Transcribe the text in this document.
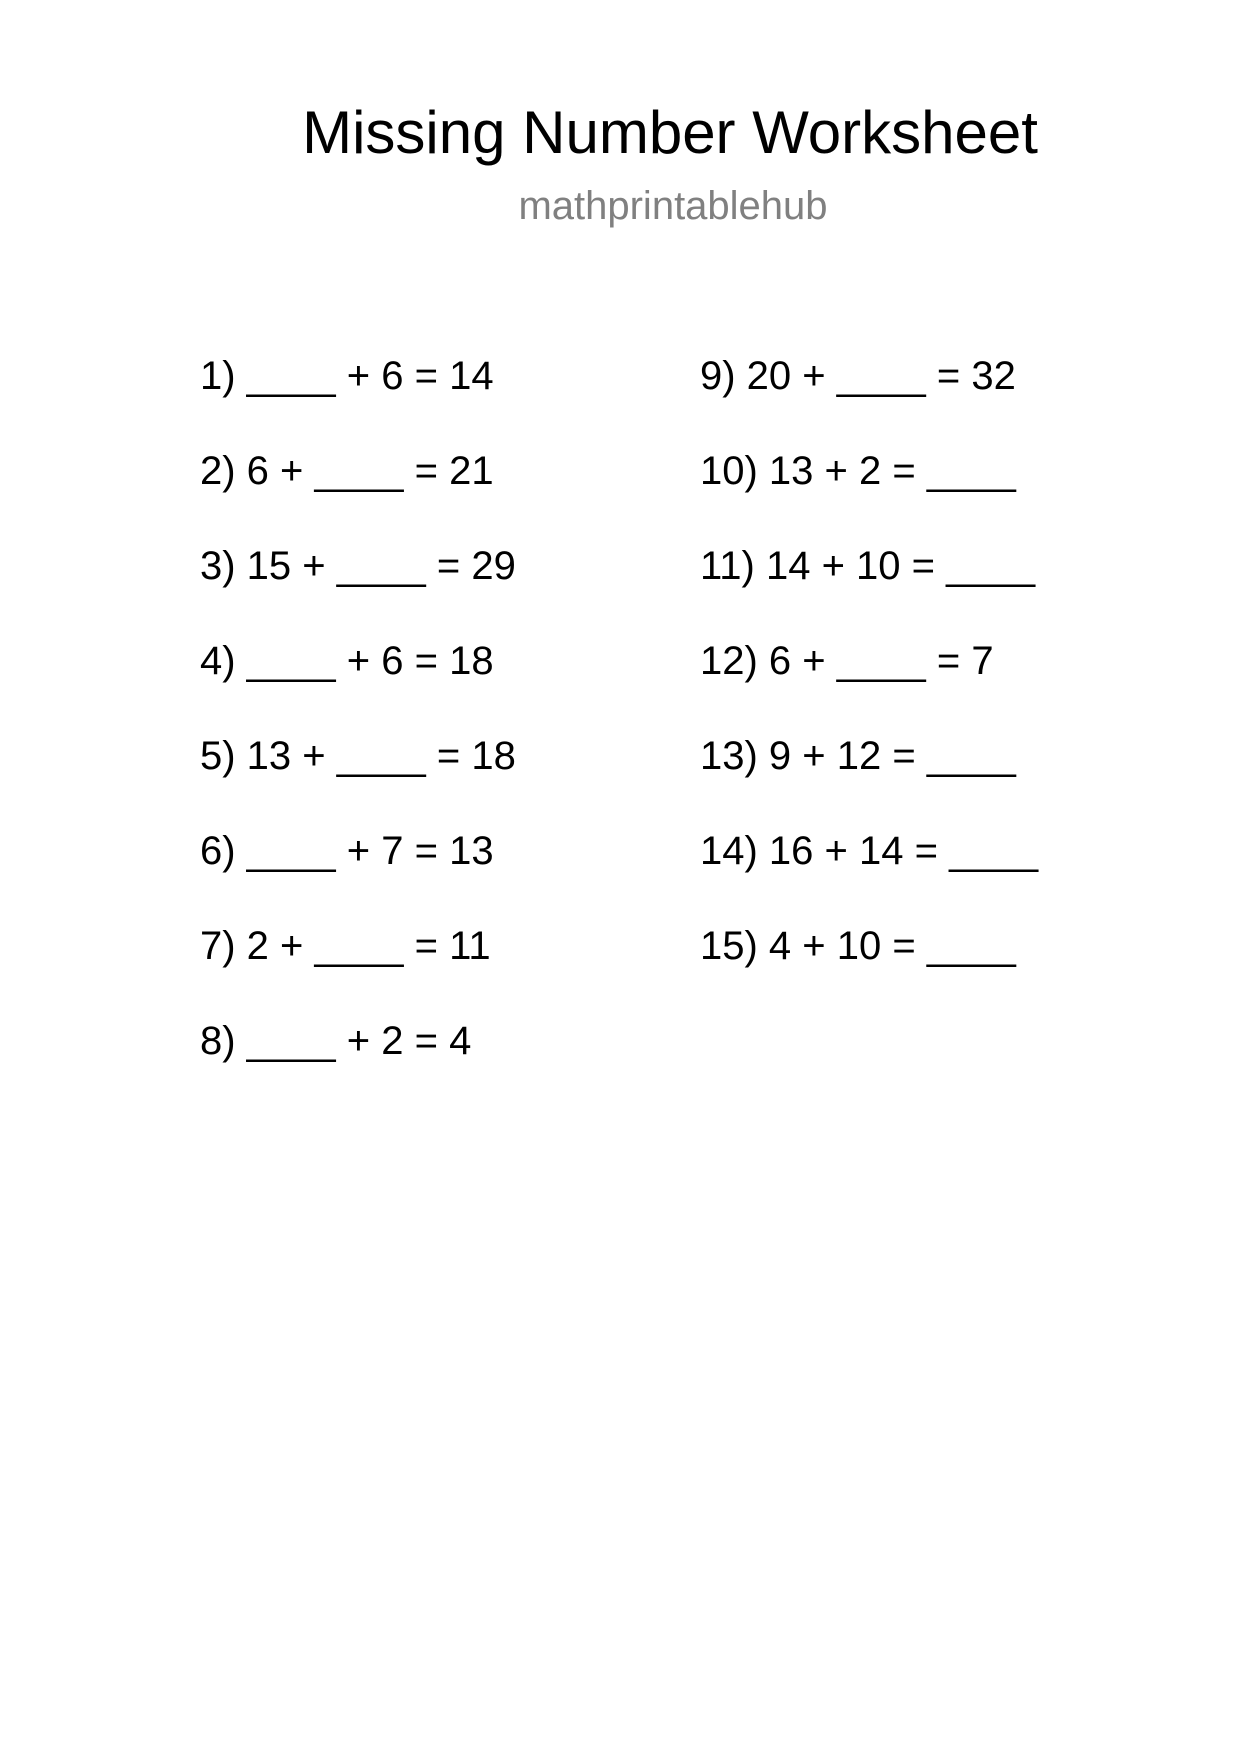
Missing Number Worksheet
mathprintablehub
1) ____ + 6 = 14
2) 6 + ____ = 21
3) 15 + ____ = 29
4) ____ + 6 = 18
5) 13 + ____ = 18
6) ____ + 7 = 13
7) 2 + ____ = 11
8) ____ + 2 = 4
9) 20 + ____ = 32
10) 13 + 2 = ____
11) 14 + 10 = ____
12) 6 + ____ = 7
13) 9 + 12 = ____
14) 16 + 14 = ____
15) 4 + 10 = ____
